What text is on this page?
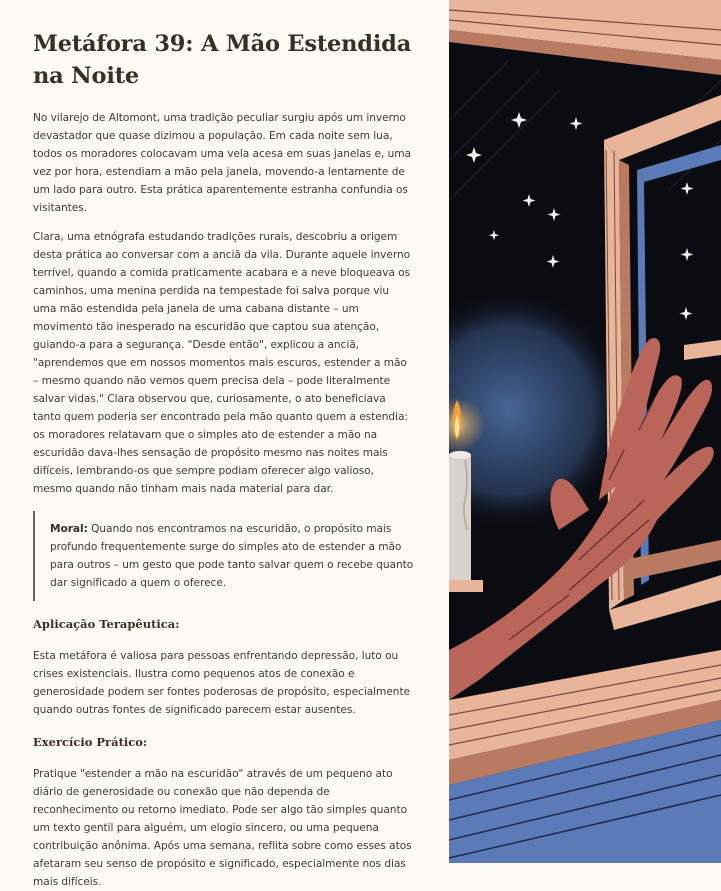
Metáfora 39: A Mão Estendida na Noite

No vilarejo de Altomont, uma tradição peculiar surgiu após um inverno devastador que quase dizimou a população. Em cada noite sem lua, todos os moradores colocavam uma vela acesa em suas janelas e, uma vez por hora, estendiam a mão pela janela, movendo-a lentamente de um lado para outro. Esta prática aparentemente estranha confundia os visitantes.

Clara, uma etnógrafa estudando tradições rurais, descobriu a origem desta prática ao conversar com a anciã da vila. Durante aquele inverno terrível, quando a comida praticamente acabara e a neve bloqueava os caminhos, uma menina perdida na tempestade foi salva porque viu uma mão estendida pela janela de uma cabana distante – um movimento tão inesperado na escuridão que captou sua atenção, guiando-a para a segurança. "Desde então", explicou a anciã, "aprendemos que em nossos momentos mais escuros, estender a mão – mesmo quando não vemos quem precisa dela – pode literalmente salvar vidas." Clara observou que, curiosamente, o ato beneficiava tanto quem poderia ser encontrado pela mão quanto quem a estendia: os moradores relatavam que o simples ato de estender a mão na escuridão dava-lhes sensação de propósito mesmo nas noites mais difíceis, lembrando-os que sempre podiam oferecer algo valioso, mesmo quando não tinham mais nada material para dar.

Moral: Quando nos encontramos na escuridão, o propósito mais profundo frequentemente surge do simples ato de estender a mão para outros – um gesto que pode tanto salvar quem o recebe quanto dar significado a quem o oferece.

Aplicação Terapêutica:

Esta metáfora é valiosa para pessoas enfrentando depressão, luto ou crises existenciais. Ilustra como pequenos atos de conexão e generosidade podem ser fontes poderosas de propósito, especialmente quando outras fontes de significado parecem estar ausentes.

Exercício Prático:

Pratique "estender a mão na escuridão" através de um pequeno ato diário de generosidade ou conexão que não dependa de reconhecimento ou retorno imediato. Pode ser algo tão simples quanto um texto gentil para alguém, um elogio sincero, ou uma pequena contribuição anônima. Após uma semana, reflita sobre como esses atos afetaram seu senso de propósito e significado, especialmente nos dias mais difíceis.
